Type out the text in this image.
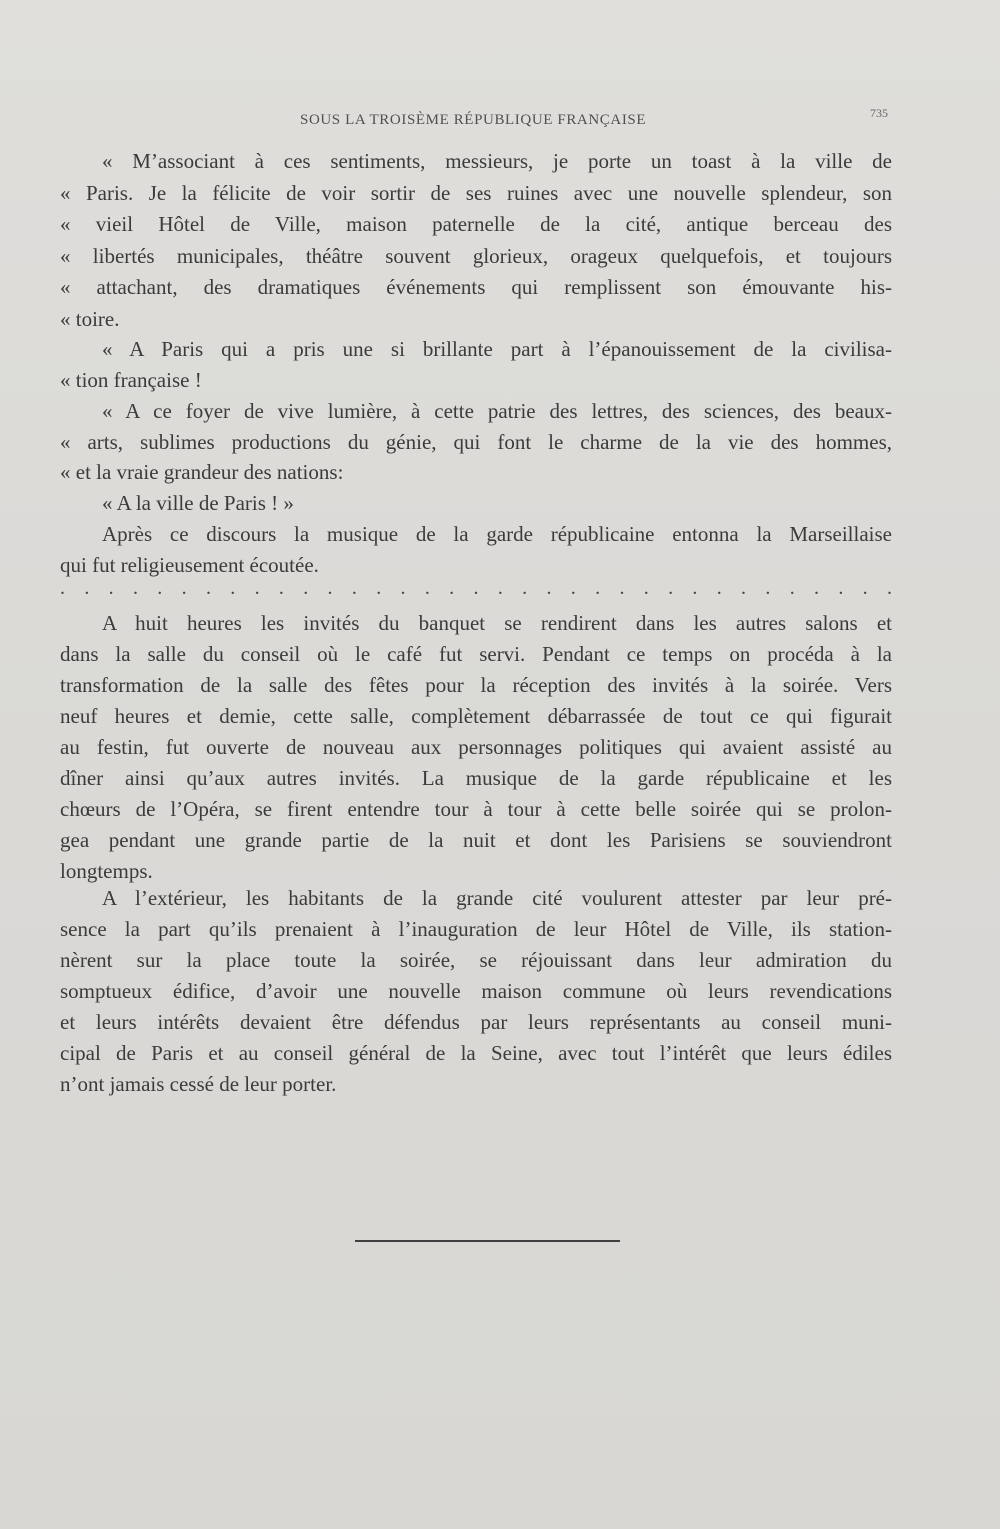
SOUS LA TROISÈME RÉPUBLIQUE FRANÇAISE	735
« M’associant à ces sentiments, messieurs, je porte un toast à la ville de
« Paris. Je la félicite de voir sortir de ses ruines avec une nouvelle splendeur, son
« vieil Hôtel de Ville, maison paternelle de la cité, antique berceau des
« libertés municipales, théâtre souvent glorieux, orageux quelquefois, et toujours
« attachant, des dramatiques événements qui remplissent son émouvante his-
« toire.
« A Paris qui a pris une si brillante part à l’épanouissement de la civilisa-
« tion française !
« A ce foyer de vive lumière, à cette patrie des lettres, des sciences, des beaux-
« arts, sublimes productions du génie, qui font le charme de la vie des hommes,
« et la vraie grandeur des nations:
« A la ville de Paris ! »
Après ce discours la musique de la garde républicaine entonna la Marseillaise
qui fut religieusement écoutée.
. . . . . . . . . . . . . . . . . . . . . . . . . . . . . . . . . . .
A huit heures les invités du banquet se rendirent dans les autres salons et
dans la salle du conseil où le café fut servi. Pendant ce temps on procéda à la
transformation de la salle des fêtes pour la réception des invités à la soirée. Vers
neuf heures et demie, cette salle, complètement débarrassée de tout ce qui figurait
au festin, fut ouverte de nouveau aux personnages politiques qui avaient assisté au
dîner ainsi qu’aux autres invités. La musique de la garde républicaine et les
chœurs de l’Opéra, se firent entendre tour à tour à cette belle soirée qui se prolon-
gea pendant une grande partie de la nuit et dont les Parisiens se souviendront
longtemps.
A l’extérieur, les habitants de la grande cité voulurent attester par leur pré-
sence la part qu’ils prenaient à l’inauguration de leur Hôtel de Ville, ils station-
nèrent sur la place toute la soirée, se réjouissant dans leur admiration du
somptueux édifice, d’avoir une nouvelle maison commune où leurs revendications
et leurs intérêts devaient être défendus par leurs représentants au conseil muni-
cipal de Paris et au conseil général de la Seine, avec tout l’intérêt que leurs édiles
n’ont jamais cessé de leur porter.
